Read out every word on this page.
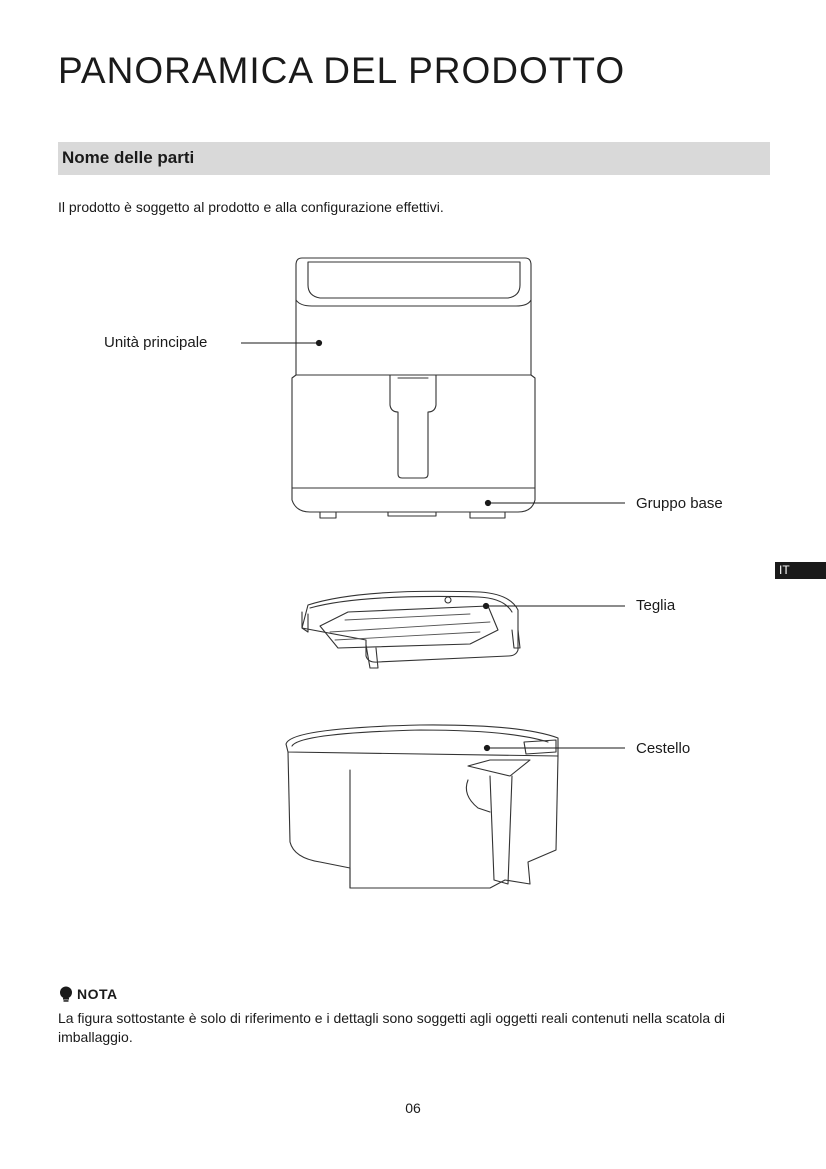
PANORAMICA DEL PRODOTTO
Nome delle parti

Il prodotto è soggetto al prodotto e alla configurazione effettivi.

Unità principale
Gruppo base
Teglia
Cestello
IT
NOTA

La figura sottostante è solo di riferimento e i dettagli sono soggetti agli oggetti reali contenuti nella scatola di imballaggio.

06
